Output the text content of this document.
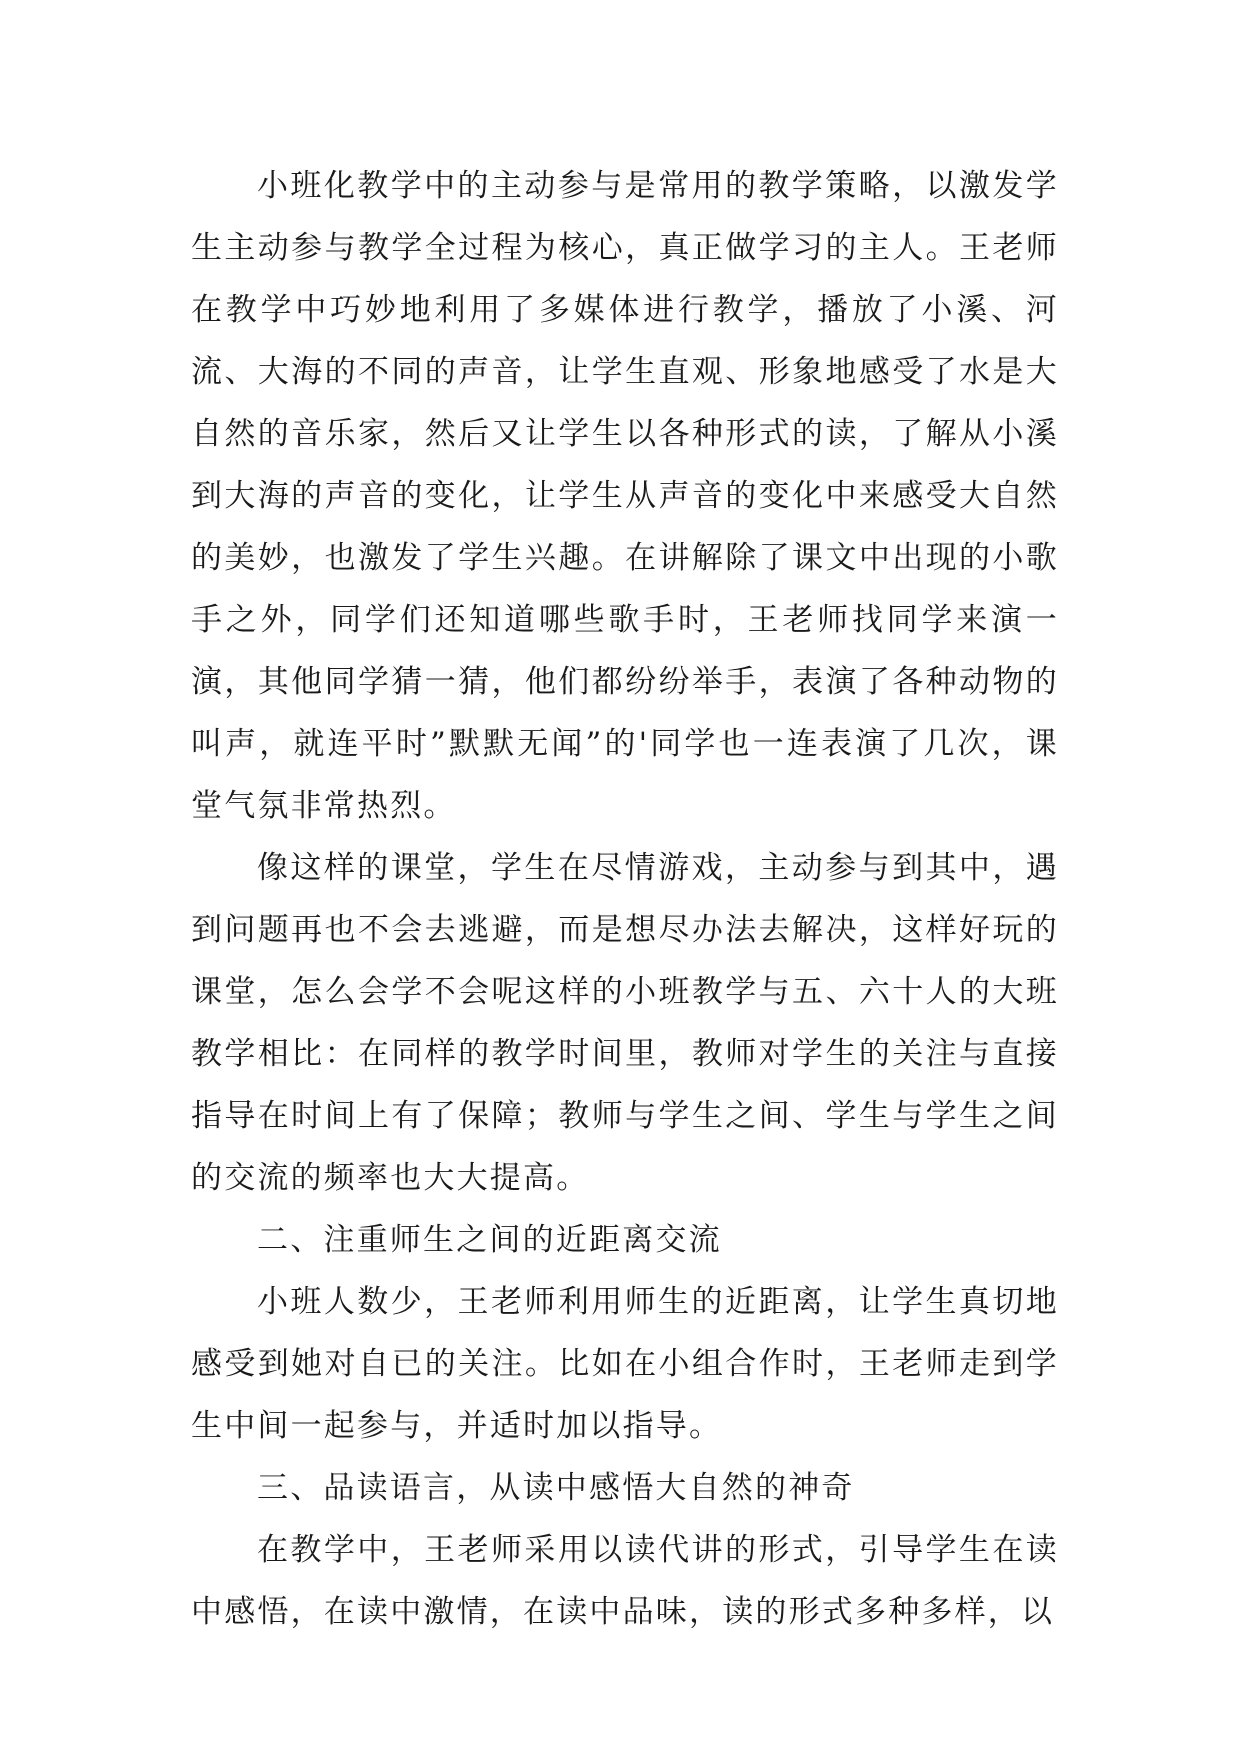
小班化教学中的主动参与是常用的教学策略，以激发学生主动参与教学全过程为核心，真正做学习的主人。王老师在教学中巧妙地利用了多媒体进行教学，播放了小溪、河流、大海的不同的声音，让学生直观、形象地感受了水是大自然的音乐家，然后又让学生以各种形式的读，了解从小溪到大海的声音的变化，让学生从声音的变化中来感受大自然的美妙，也激发了学生兴趣。在讲解除了课文中出现的小歌手之外，同学们还知道哪些歌手时，王老师找同学来演一演，其他同学猜一猜，他们都纷纷举手，表演了各种动物的叫声，就连平时”默默无闻”的'同学也一连表演了几次，课堂气氛非常热烈。

像这样的课堂，学生在尽情游戏，主动参与到其中，遇到问题再也不会去逃避，而是想尽办法去解决，这样好玩的课堂，怎么会学不会呢这样的小班教学与五、六十人的大班教学相比：在同样的教学时间里，教师对学生的关注与直接指导在时间上有了保障；教师与学生之间、学生与学生之间的交流的频率也大大提高。

二、注重师生之间的近距离交流

小班人数少，王老师利用师生的近距离，让学生真切地感受到她对自已的关注。比如在小组合作时，王老师走到学生中间一起参与，并适时加以指导。

三、品读语言，从读中感悟大自然的神奇

在教学中，王老师采用以读代讲的形式，引导学生在读中感悟，在读中激情，在读中品味，读的形式多种多样，以
